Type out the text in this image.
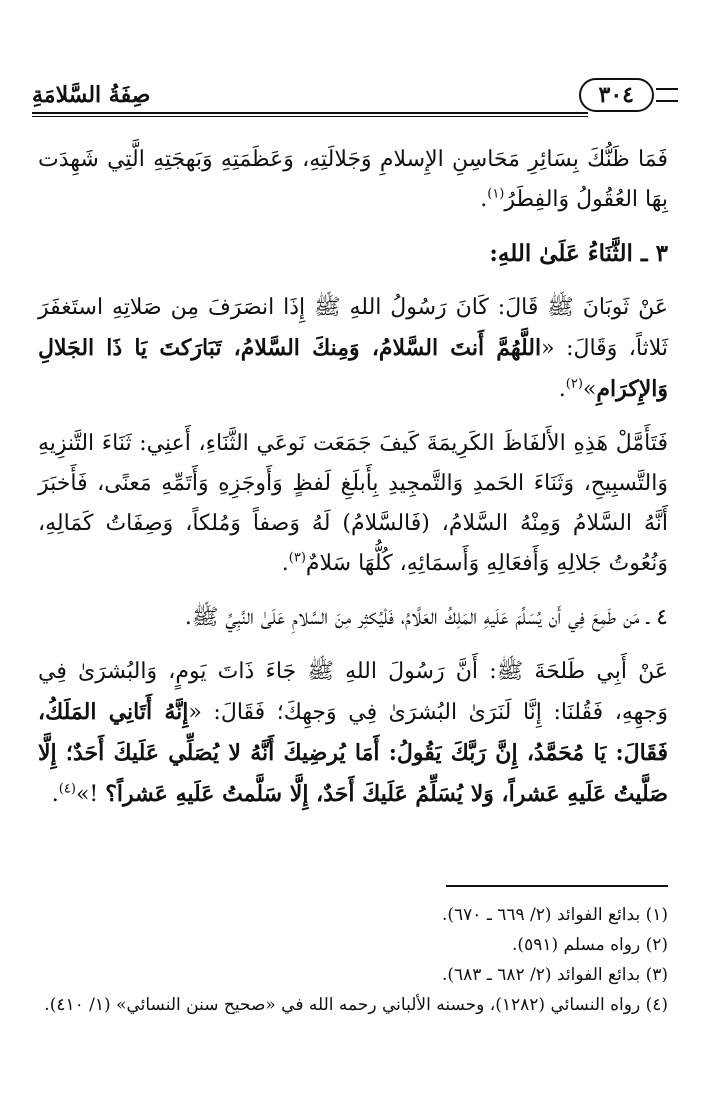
٣٠٤
صِفَةُ السَّلامَةِ

فَمَا ظَنُّكَ بِسَائِرِ مَحَاسِنِ الإِسلامِ وَجَلالَتِهِ، وَعَظَمَتِهِ وَبَهجَتِهِ الَّتِي شَهِدَت بِهَا العُقُولُ وَالفِطَرُ$^{(١)}$.

٣ ـ الثَّنَاءُ عَلَىٰ اللهِ:

عَنْ ثَوبَانَ ﷺ قَالَ: كَانَ رَسُولُ اللهِ ﷺ إِذَا انصَرَفَ مِن صَلاتِهِ استَغفَرَ ثَلاثاً، وَقَالَ: «اللَّهُمَّ أَنتَ السَّلامُ، وَمِنكَ السَّلامُ، تَبَارَكتَ يَا ذَا الجَلالِ وَالإِكرَامِ»$^{(٢)}$.

فَتَأَمَّلْ هَذِهِ الأَلفَاظَ الكَرِيمَةَ كَيفَ جَمَعَت نَوعَي الثَّنَاءِ، أَعنِي: ثَنَاءَ التَّنزِيهِ وَالتَّسبِيحِ، وَثَنَاءَ الحَمدِ وَالتَّمجِيدِ بِأَبلَغِ لَفظٍ وَأَوجَزِهِ وَأَتَمِّهِ مَعنًى، فَأَخبَرَ أَنَّهُ السَّلامُ وَمِنْهُ السَّلامُ، (فَالسَّلامُ) لَهُ وَصفاً وَمُلكاً، وَصِفَاتُ كَمَالِهِ، وَنُعُوتُ جَلالِهِ وَأَفعَالِهِ وَأَسمَائِهِ، كُلُّهَا سَلامٌ$^{(٣)}$.

٤ ـ مَن طَمِعَ فِي أَن يُسَلِّمَ عَلَيهِ المَلِكُ العَلَّامُ، فَلْيُكثِر مِنَ السَّلامِ عَلَىٰ النَّبِيِّ ﷺ.

عَنْ أَبِي طَلحَةَ ﷺ: أَنَّ رَسُولَ اللهِ ﷺ جَاءَ ذَاتَ يَومٍ، وَالبُشرَىٰ فِي وَجهِهِ، فَقُلنَا: إِنَّا لَنَرَىٰ البُشرَىٰ فِي وَجهِكَ؛ فَقَالَ: «إِنَّهُ أَتَانِي المَلَكُ، فَقَالَ: يَا مُحَمَّدُ، إِنَّ رَبَّكَ يَقُولُ: أَمَا يُرضِيكَ أَنَّهُ لا يُصَلِّي عَلَيكَ أَحَدٌ؛ إِلَّا صَلَّيتُ عَلَيهِ عَشراً، وَلا يُسَلِّمُ عَلَيكَ أَحَدٌ، إِلَّا سَلَّمتُ عَلَيهِ عَشراً؟ !»$^{(٤)}$.

(١) بدائع الفوائد (٢/ ٦٦٩ ـ ٦٧٠).

(٢) رواه مسلم (٥٩١).

(٣) بدائع الفوائد (٢/ ٦٨٢ ـ ٦٨٣).

(٤) رواه النسائي (١٢٨٢)، وحسنه الألباني رحمه الله في «صحيح سنن النسائي» (١/ ٤١٠).
